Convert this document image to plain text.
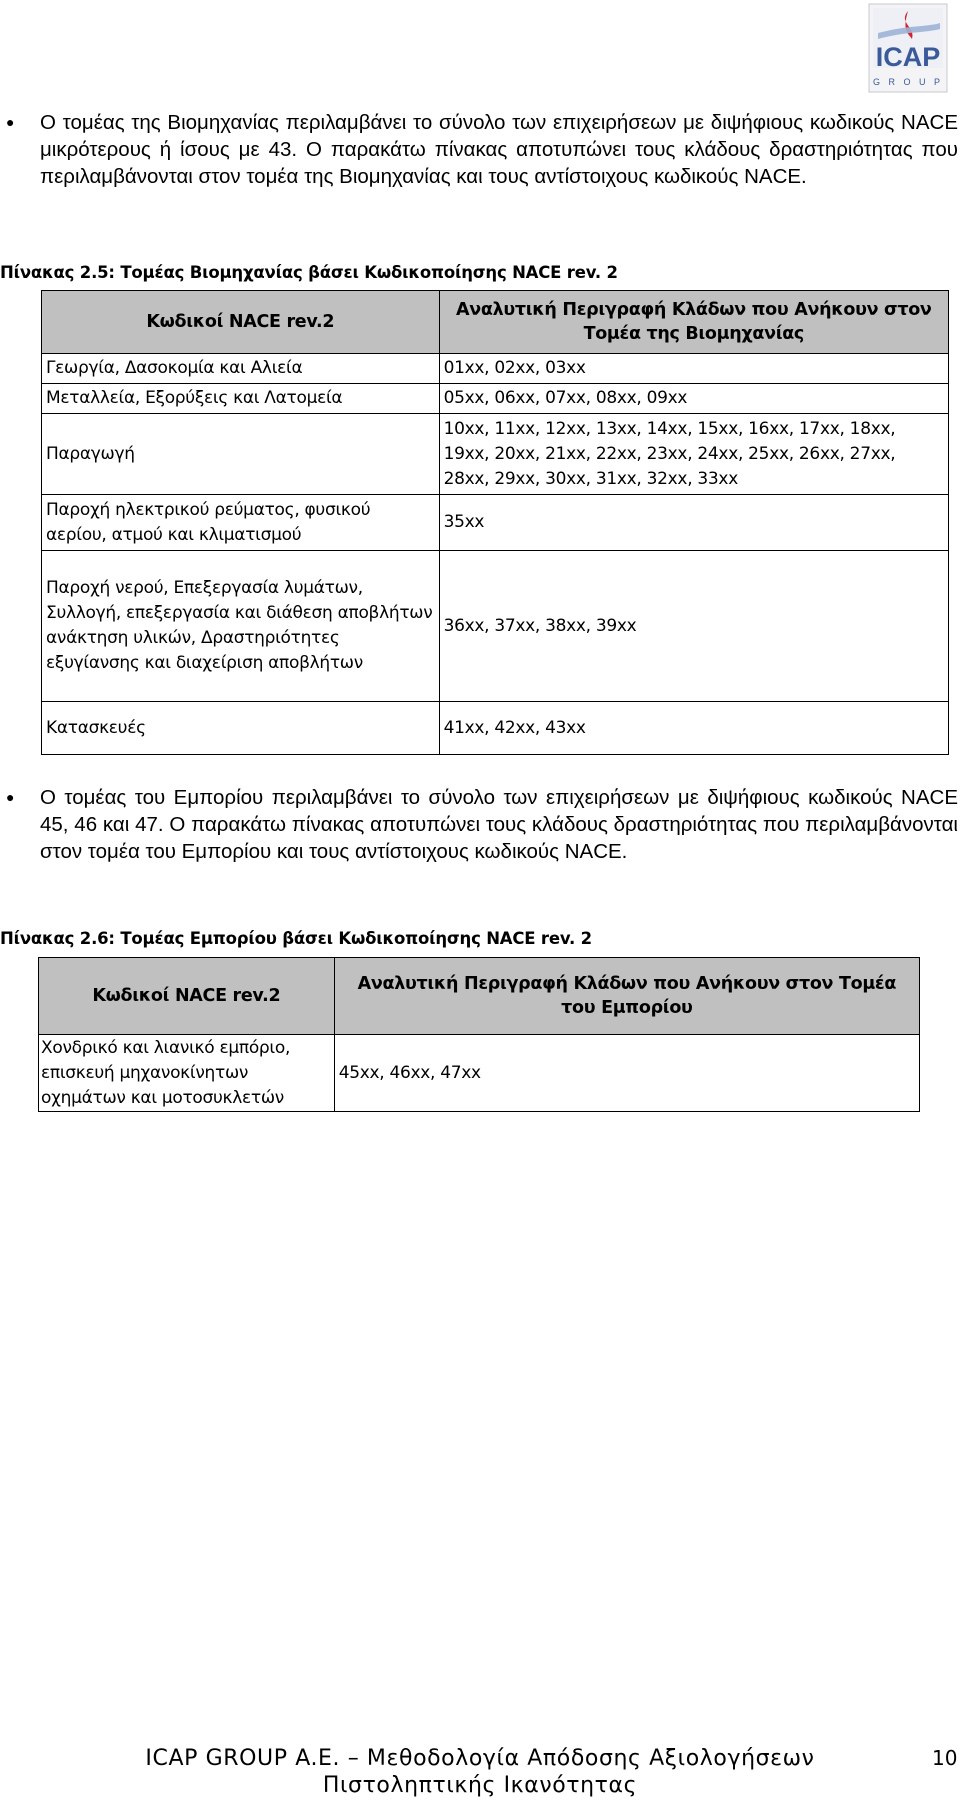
ICAP
G R O U P
● Ο τομέας της Βιομηχανίας περιλαμβάνει το σύνολο των επιχειρήσεων με διψήφιους κωδικούς NACE μικρότερους ή ίσους με 43. Ο παρακάτω πίνακας αποτυπώνει τους κλάδους δραστηριότητας που περιλαμβάνονται στον τομέα της Βιομηχανίας και τους αντίστοιχους κωδικούς NACE.
Πίνακας 2.5: Τομέας Βιομηχανίας βάσει Κωδικοποίησης NACE rev. 2
Κωδικοί NACE rev.2	Αναλυτική Περιγραφή Κλάδων που Ανήκουν στον Τομέα της Βιομηχανίας
Γεωργία, Δασοκομία και Αλιεία	01xx, 02xx, 03xx
Μεταλλεία, Εξορύξεις και Λατομεία	05xx, 06xx, 07xx, 08xx, 09xx
Παραγωγή	10xx, 11xx, 12xx, 13xx, 14xx, 15xx, 16xx, 17xx, 18xx, 19xx, 20xx, 21xx, 22xx, 23xx, 24xx, 25xx, 26xx, 27xx, 28xx, 29xx, 30xx, 31xx, 32xx, 33xx
Παροχή ηλεκτρικού ρεύματος, φυσικού αερίου, ατμού και κλιματισμού	35xx
Παροχή νερού, Επεξεργασία λυμάτων, Συλλογή, επεξεργασία και διάθεση αποβλήτων ανάκτηση υλικών, Δραστηριότητες εξυγίανσης και διαχείριση αποβλήτων	36xx, 37xx, 38xx, 39xx
Κατασκευές	41xx, 42xx, 43xx
● Ο τομέας του Εμπορίου περιλαμβάνει το σύνολο των επιχειρήσεων με διψήφιους κωδικούς NACE 45, 46 και 47. Ο παρακάτω πίνακας αποτυπώνει τους κλάδους δραστηριότητας που περιλαμβάνονται στον τομέα του Εμπορίου και τους αντίστοιχους κωδικούς NACE.
Πίνακας 2.6: Τομέας Εμπορίου βάσει Κωδικοποίησης NACE rev. 2
Κωδικοί NACE rev.2	Αναλυτική Περιγραφή Κλάδων που Ανήκουν στον Τομέα του Εμπορίου
Χονδρικό και λιανικό εμπόριο, επισκευή μηχανοκίνητων οχημάτων και μοτοσυκλετών	45xx, 46xx, 47xx
ICAP GROUP A.E. – Μεθοδολογία Απόδοσης Αξιολογήσεων Πιστοληπτικής Ικανότητας
10
